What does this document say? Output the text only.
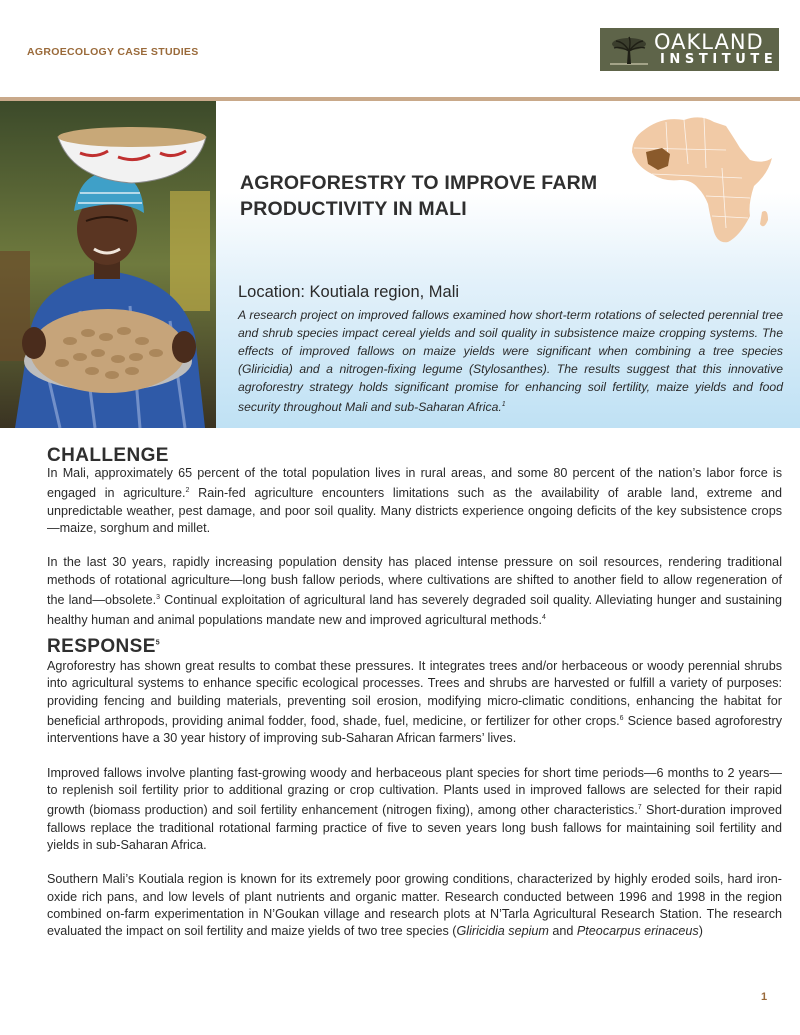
AGROECOLOGY CASE STUDIES	OAKLAND
INSTITUTE
AGROFORESTRY TO IMPROVE FARM
PRODUCTIVITY IN MALI
Location: Koutiala region, Mali
A research project on improved fallows examined how short-term rotations of selected perennial tree and shrub species impact cereal yields and soil quality in subsistence maize cropping systems. The effects of improved fallows on maize yields were significant when combining a tree species (Gliricidia) and a nitrogen-fixing legume (Stylosanthes). The results suggest that this innovative agroforestry strategy holds significant promise for enhancing soil fertility, maize yields and food security throughout Mali and sub-Saharan Africa.$^1$
CHALLENGE

In Mali, approximately 65 percent of the total population lives in rural areas, and some 80 percent of the nation’s labor force is engaged in agriculture.$^2$ Rain-fed agriculture encounters limitations such as the availability of arable land, extreme and unpredictable weather, pest damage, and poor soil quality. Many districts experience ongoing deficits of the key subsistence crops—maize, sorghum and millet.

In the last 30 years, rapidly increasing population density has placed intense pressure on soil resources, rendering traditional methods of rotational agriculture—long bush fallow periods, where cultivations are shifted to another field to allow regeneration of the land—obsolete.$^3$ Continual exploitation of agricultural land has severely degraded soil quality. Alleviating hunger and sustaining healthy human and animal populations mandate new and improved agricultural methods.$^4$

RESPONSE$^5$

Agroforestry has shown great results to combat these pressures. It integrates trees and/or herbaceous or woody perennial shrubs into agricultural systems to enhance specific ecological processes. Trees and shrubs are harvested or fulfill a variety of purposes: providing fencing and building materials, preventing soil erosion, modifying micro-climatic conditions, enhancing the habitat for beneficial arthropods, providing animal fodder, food, shade, fuel, medicine, or fertilizer for other crops.$^6$ Science based agroforestry interventions have a 30 year history of improving sub-Saharan African farmers’ lives.

Improved fallows involve planting fast-growing woody and herbaceous plant species for short time periods—6 months to 2 years—to replenish soil fertility prior to additional grazing or crop cultivation. Plants used in improved fallows are selected for their rapid growth (biomass production) and soil fertility enhancement (nitrogen fixing), among other characteristics.$^7$ Short-duration improved fallows replace the traditional rotational farming practice of five to seven years long bush fallows for maintaining soil fertility and yields in sub-Saharan Africa.

Southern Mali’s Koutiala region is known for its extremely poor growing conditions, characterized by highly eroded soils, hard iron-oxide rich pans, and low levels of plant nutrients and organic matter. Research conducted between 1996 and 1998 in the region combined on-farm experimentation in N’Goukan village and research plots at N’Tarla Agricultural Research Station. The research evaluated the impact on soil fertility and maize yields of two tree species (Gliricidia sepium and Pteocarpus erinaceus)

1
